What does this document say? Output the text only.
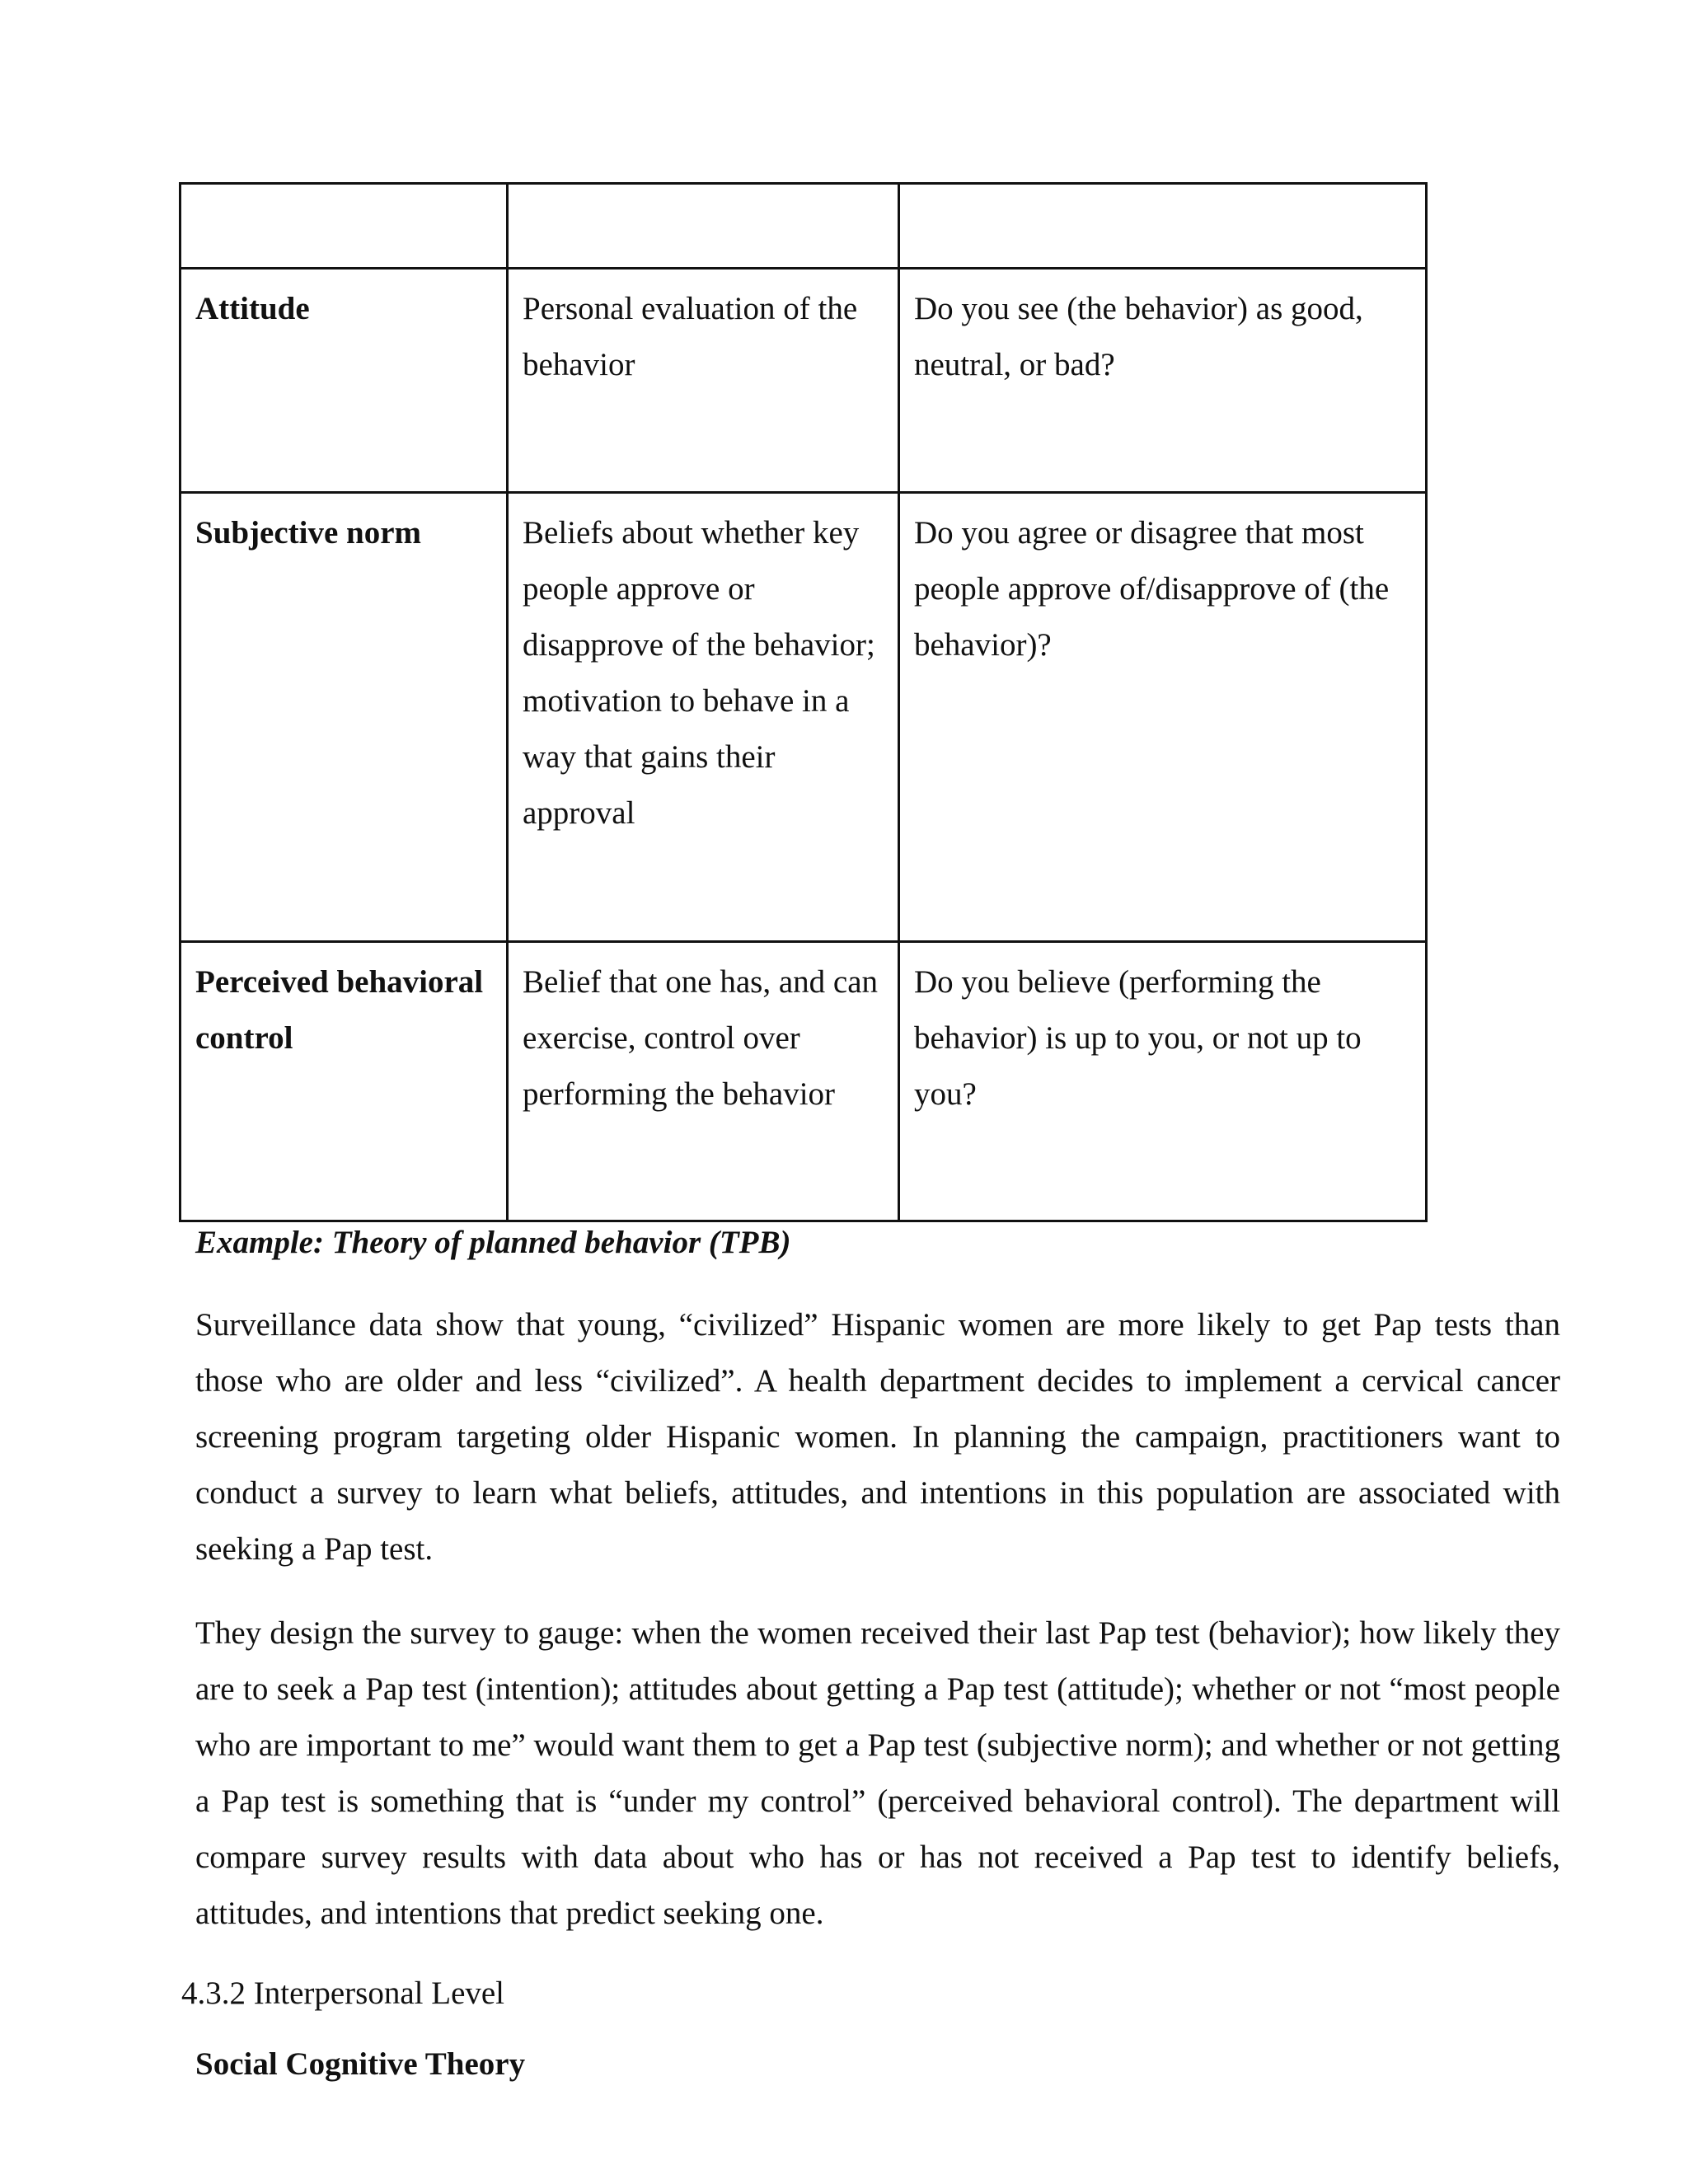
Attitude	Personal evaluation of the behavior	Do you see (the behavior) as good, neutral, or bad?
Subjective norm	Beliefs about whether key people approve or disapprove of the behavior; motivation to behave in a way that gains their approval	Do you agree or disagree that most people approve of/disapprove of (the behavior)?
Perceived behavioral control	Belief that one has, and can exercise, control over performing the behavior	Do you believe (performing the behavior) is up to you, or not up to you?
Example: Theory of planned behavior (TPB)

Surveillance data show that young, “civilized” Hispanic women are more likely to get Pap tests than those who are older and less “civilized”. A health department decides to implement a cervical cancer screening program targeting older Hispanic women. In planning the campaign, practitioners want to conduct a survey to learn what beliefs, attitudes, and intentions in this population are associated with seeking a Pap test.

They design the survey to gauge: when the women received their last Pap test (behavior); how likely they are to seek a Pap test (intention); attitudes about getting a Pap test (attitude); whether or not “most people who are important to me” would want them to get a Pap test (subjective norm); and whether or not getting a Pap test is something that is “under my control” (perceived behavioral control). The department will compare survey results with data about who has or has not received a Pap test to identify beliefs, attitudes, and intentions that predict seeking one.

4.3.2 Interpersonal Level
Social Cognitive Theory
